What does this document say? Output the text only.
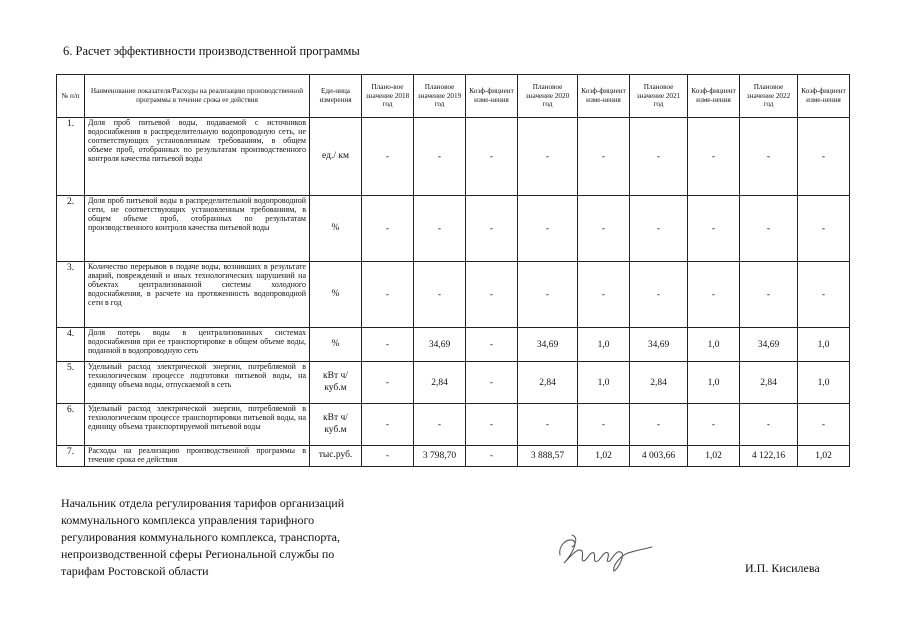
6. Расчет эффективности производственной программы
№ п/п	Наименование показателя/Расходы на реализацию производственной программы в течение срока ее действия	Еди-ница измерения	Плано-вое значение 2018 год	Плановое значение 2019 год	Коэф-фициент изме-нения	Плановое значение 2020 год	Коэф-фициент изме-нения	Плановое значение 2021 год	Коэф-фициент изме-нения	Плановое значение 2022 год	Коэф-фициент изме-нения
1.	Доля проб питьевой воды, подаваемой с источников водоснабжения в распределительную водопроводную сеть, не соответствующих установленным требованиям, в общем объеме проб, отобранных по результатам производственного контроля качества питьевой воды	ед./ км	-	-	-	-	-	-	-	-	-
2.	Доля проб питьевой воды в распределительной водопроводной сети, не соответствующих установленным требованиям, в общем объеме проб, отобранных по результатам производственного контроля качества питьевой воды	%	-	-	-	-	-	-	-	-	-
3.	Количество перерывов в подаче воды, возникших в результате аварий, повреждений и иных технологических нарушений на объектах централизованной системы холодного водоснабжения, в расчете на протяженность водопроводной сети в год	%	-	-	-	-	-	-	-	-	-
4.	Доля потерь воды в централизованных системах водоснабжения при ее транспортировке в общем объеме воды, поданной в водопроводную сеть	%	-	34,69	-	34,69	1,0	34,69	1,0	34,69	1,0
5.	Удельный расход электрической энергии, потребляемой в технологическом процессе подготовки питьевой воды, на единицу объема воды, отпускаемой в сеть	кВт ч/куб.м	-	2,84	-	2,84	1,0	2,84	1,0	2,84	1,0
6.	Удельный расход электрической энергии, потребляемой в технологическом процессе транспортировки питьевой воды, на единицу объема транспортируемой питьевой воды	кВт ч/куб.м	-	-	-	-	-	-	-	-	-
7.	Расходы на реализацию производственной программы в течение срока ее действия	тыс.руб.	-	3 798,70	-	3 888,57	1,02	4 003,66	1,02	4 122,16	1,02
Начальник отдела регулирования тарифов организаций коммунального комплекса управления тарифного регулирования коммунального комплекса, транспорта, непроизводственной сферы Региональной службы по тарифам Ростовской области	И.П. Кисилева
